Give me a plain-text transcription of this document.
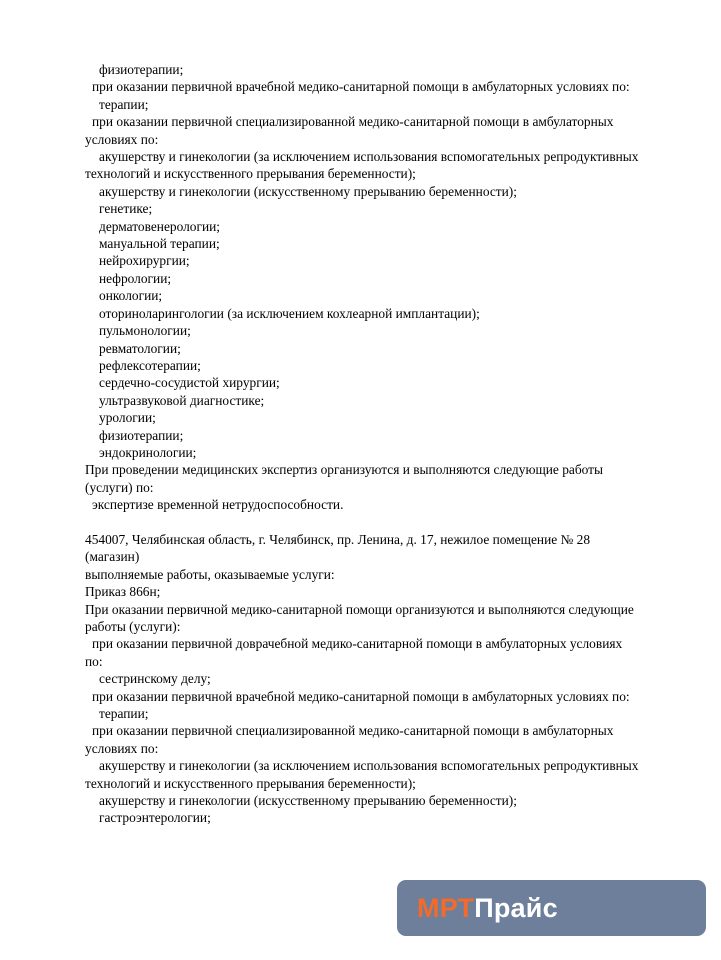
физиотерапии;
при оказании первичной врачебной медико-санитарной помощи в амбулаторных условиях по:
терапии;
при оказании первичной специализированной медико-санитарной помощи в амбулаторных
условиях по:
акушерству и гинекологии (за исключением использования вспомогательных репродуктивных
технологий и искусственного прерывания беременности);
акушерству и гинекологии (искусственному прерыванию беременности);
генетике;
дерматовенерологии;
мануальной терапии;
нейрохирургии;
нефрологии;
онкологии;
оториноларингологии (за исключением кохлеарной имплантации);
пульмонологии;
ревматологии;
рефлексотерапии;
сердечно-сосудистой хирургии;
ультразвуковой диагностике;
урологии;
физиотерапии;
эндокринологии;
При проведении медицинских экспертиз организуются и выполняются следующие работы
(услуги) по:
экспертизе временной нетрудоспособности.
454007, Челябинская область, г. Челябинск, пр. Ленина, д. 17, нежилое помещение № 28
(магазин)
выполняемые работы, оказываемые услуги:
Приказ 866н;
При оказании первичной медико-санитарной помощи организуются и выполняются следующие
работы (услуги):
при оказании первичной доврачебной медико-санитарной помощи в амбулаторных условиях
по:
сестринскому делу;
при оказании первичной врачебной медико-санитарной помощи в амбулаторных условиях по:
терапии;
при оказании первичной специализированной медико-санитарной помощи в амбулаторных
условиях по:
акушерству и гинекологии (за исключением использования вспомогательных репродуктивных
технологий и искусственного прерывания беременности);
акушерству и гинекологии (искусственному прерыванию беременности);
гастроэнтерологии;
МРТПрайс
